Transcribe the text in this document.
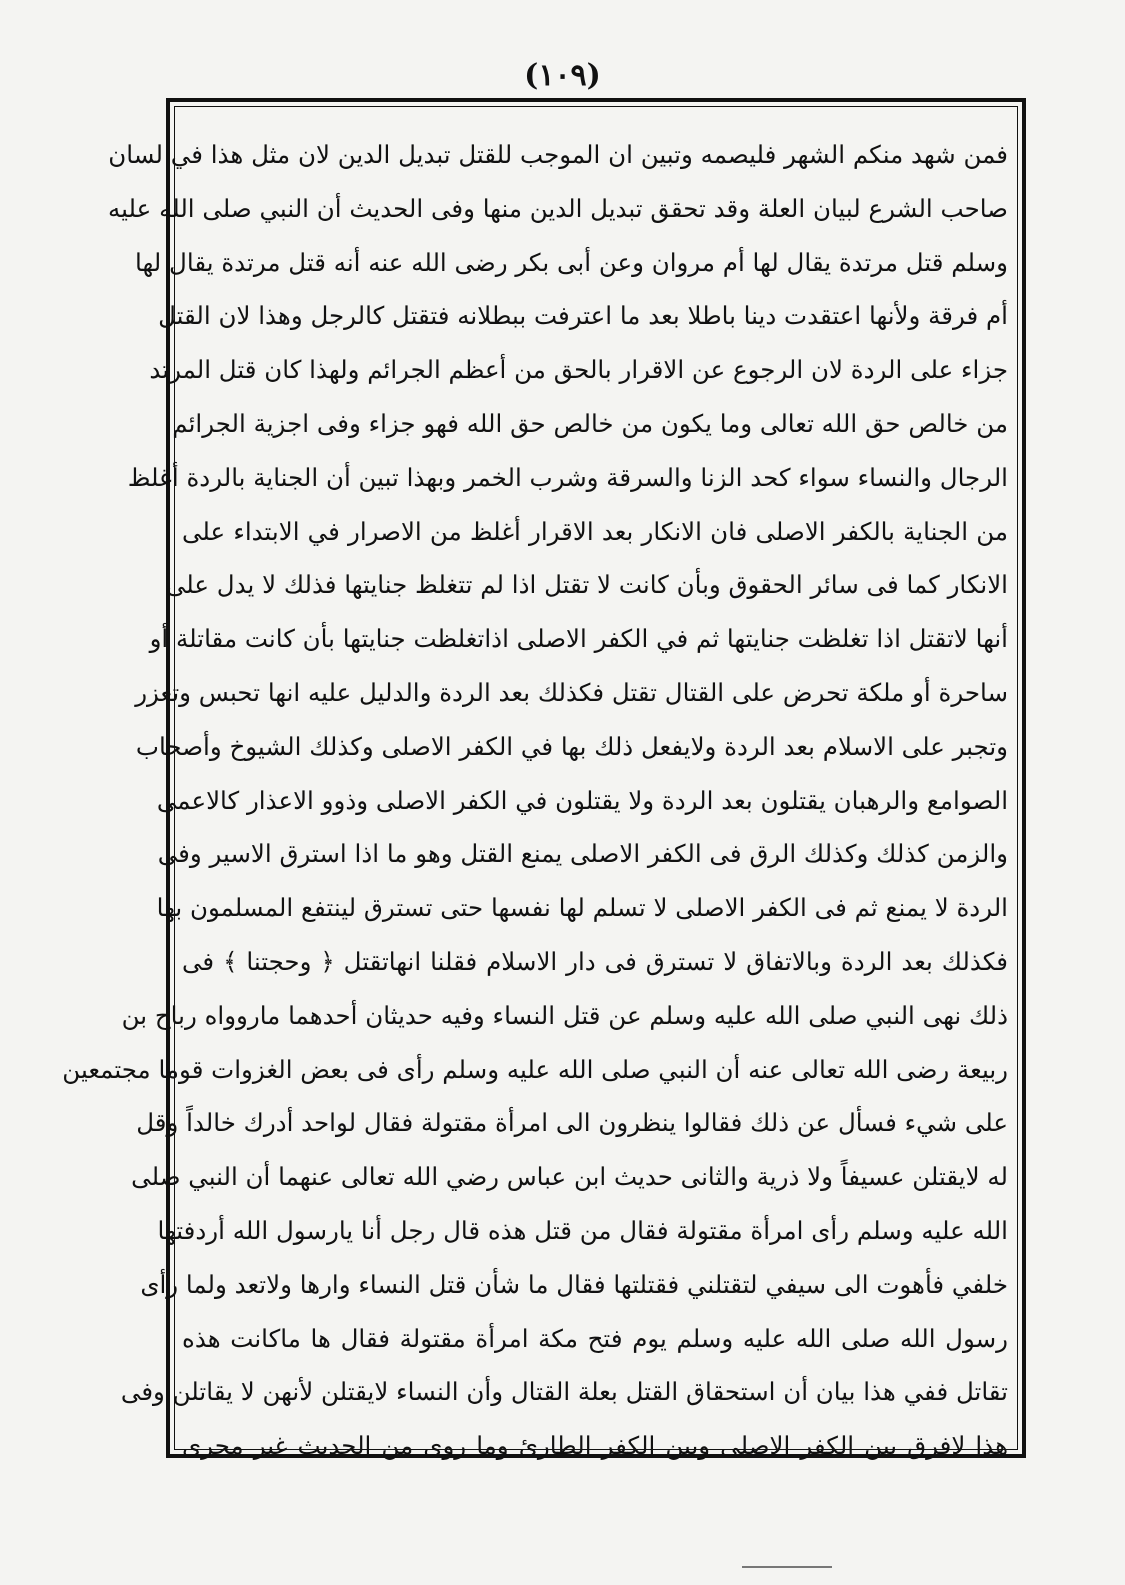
(١٠٩)
فمن شهد منكم الشهر فليصمه وتبين ان الموجب للقتل تبديل الدين لان مثل هذا في لسان
صاحب الشرع لبيان العلة وقد تحقق تبديل الدين منها وفى الحديث أن النبي صلى الله عليه
وسلم قتل مرتدة يقال لها أم مروان وعن أبى بكر رضى الله عنه أنه قتل مرتدة يقال لها
أم فرقة ولأنها اعتقدت دينا باطلا بعد ما اعترفت ببطلانه فتقتل كالرجل وهذا لان القتل
جزاء على الردة لان الرجوع عن الاقرار بالحق من أعظم الجرائم ولهذا كان قتل المرتد
من خالص حق الله تعالى وما يكون من خالص حق الله فهو جزاء وفى اجزية الجرائم
الرجال والنساء سواء كحد الزنا والسرقة وشرب الخمر وبهذا تبين أن الجناية بالردة أغلظ
من الجناية بالكفر الاصلى فان الانكار بعد الاقرار أغلظ من الاصرار في الابتداء على
الانكار كما فى سائر الحقوق وبأن كانت لا تقتل اذا لم تتغلظ جنايتها فذلك لا يدل على
أنها لاتقتل اذا تغلظت جنايتها ثم في الكفر الاصلى اذاتغلظت جنايتها بأن كانت مقاتلة أو
ساحرة أو ملكة تحرض على القتال تقتل فكذلك بعد الردة والدليل عليه انها تحبس وتعزر
وتجبر على الاسلام بعد الردة ولايفعل ذلك بها في الكفر الاصلى وكذلك الشيوخ وأصحاب
الصوامع والرهبان يقتلون بعد الردة ولا يقتلون في الكفر الاصلى وذوو الاعذار كالاعمى
والزمن كذلك وكذلك الرق فى الكفر الاصلى يمنع القتل وهو ما اذا استرق الاسير وفى
الردة لا يمنع ثم فى الكفر الاصلى لا تسلم لها نفسها حتى تسترق لينتفع المسلمون بها
فكذلك بعد الردة وبالاتفاق لا تسترق فى دار الاسلام فقلنا انهاتقتل ﴿ وحجتنا ﴾ فى
ذلك نهى النبي صلى الله عليه وسلم عن قتل النساء وفيه حديثان أحدهما ماروواه رباح بن
ربيعة رضى الله تعالى عنه أن النبي صلى الله عليه وسلم رأى فى بعض الغزوات قوما مجتمعين
على شيء فسأل عن ذلك فقالوا ينظرون الى امرأة مقتولة فقال لواحد أدرك خالداً وقل
له لايقتلن عسيفاً ولا ذرية والثانى حديث ابن عباس رضي الله تعالى عنهما أن النبي صلى
الله عليه وسلم رأى امرأة مقتولة فقال من قتل هذه قال رجل أنا يارسول الله أردفتها
خلفي فأهوت الى سيفي لتقتلني فقتلتها فقال ما شأن قتل النساء وارها ولاتعد ولما رأى
رسول الله صلى الله عليه وسلم يوم فتح مكة امرأة مقتولة فقال ها ماكانت هذه
تقاتل ففي هذا بيان أن استحقاق القتل بعلة القتال وأن النساء لايقتلن لأنهن لا يقاتلن وفى
هذا لافرق بين الكفر الاصلى وبين الكفر الطارئ وما روى من الحديث غير مجرى
